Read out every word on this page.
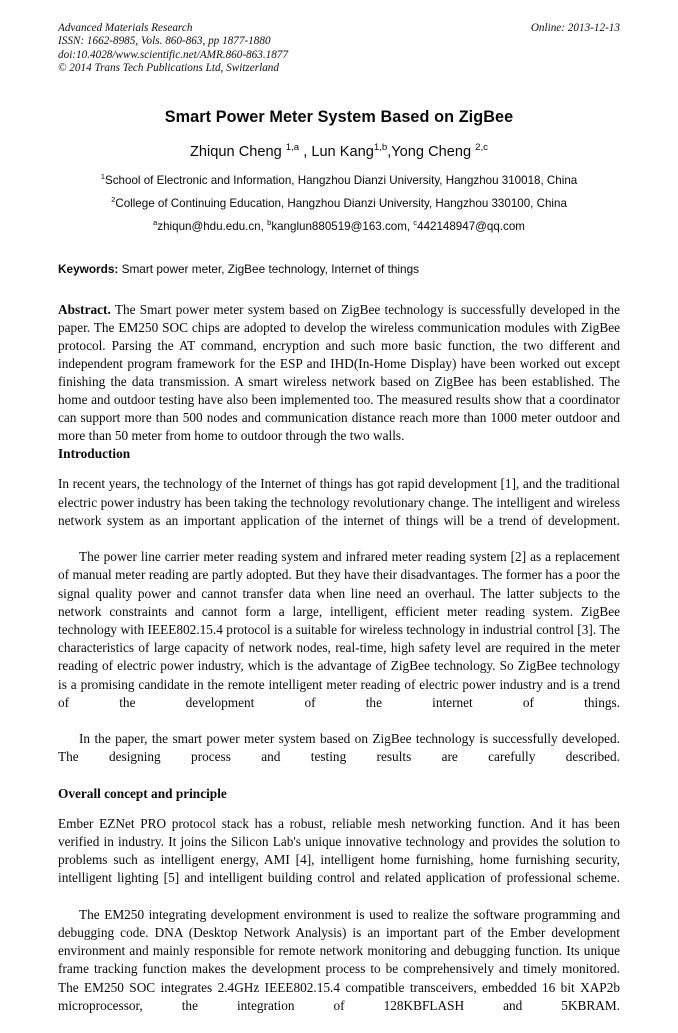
Online: 2013-12-13
Advanced Materials Research
ISSN: 1662-8985, Vols. 860-863, pp 1877-1880
doi:10.4028/www.scientific.net/AMR.860-863.1877
© 2014 Trans Tech Publications Ltd, Switzerland
Smart Power Meter System Based on ZigBee
Zhiqun Cheng $^{1,a}$ , Lun Kang$^{1,b}$,Yong Cheng $^{2,c}$
$^1$School of Electronic and Information, Hangzhou Dianzi University, Hangzhou 310018, China
$^2$College of Continuing Education, Hangzhou Dianzi University, Hangzhou 330100, China
$^a$zhiqun@hdu.edu.cn, $^b$kanglun880519@163.com, $^c$442148947@qq.com
Keywords: Smart power meter, ZigBee technology, Internet of things
Abstract. The Smart power meter system based on ZigBee technology is successfully developed in the paper. The EM250 SOC chips are adopted to develop the wireless communication modules with ZigBee protocol. Parsing the AT command, encryption and such more basic function, the two different and independent program framework for the ESP and IHD(In-Home Display) have been worked out except finishing the data transmission. A smart wireless network based on ZigBee has been established. The home and outdoor testing have also been implemented too. The measured results show that a coordinator can support more than 500 nodes and communication distance reach more than 1000 meter outdoor and more than 50 meter from home to outdoor through the two walls.
Introduction

In recent years, the technology of the Internet of things has got rapid development [1], and the traditional electric power industry has been taking the technology revolutionary change. The intelligent and wireless network system as an important application of the internet of things will be a trend of development.

The power line carrier meter reading system and infrared meter reading system [2] as a replacement of manual meter reading are partly adopted. But they have their disadvantages. The former has a poor the signal quality power and cannot transfer data when line need an overhaul. The latter subjects to the network constraints and cannot form a large, intelligent, efficient meter reading system. ZigBee technology with IEEE802.15.4 protocol is a suitable for wireless technology in industrial control [3]. The characteristics of large capacity of network nodes, real-time, high safety level are required in the meter reading of electric power industry, which is the advantage of ZigBee technology. So ZigBee technology is a promising candidate in the remote intelligent meter reading of electric power industry and is a trend of the development of the internet of things.

In the paper, the smart power meter system based on ZigBee technology is successfully developed. The designing process and testing results are carefully described.

Overall concept and principle

Ember EZNet PRO protocol stack has a robust, reliable mesh networking function. And it has been verified in industry. It joins the Silicon Lab's unique innovative technology and provides the solution to problems such as intelligent energy, AMI [4], intelligent home furnishing, home furnishing security, intelligent lighting [5] and intelligent building control and related application of professional scheme.

The EM250 integrating development environment is used to realize the software programming and debugging code. DNA (Desktop Network Analysis) is an important part of the Ember development environment and mainly responsible for remote network monitoring and debugging function. Its unique frame tracking function makes the development process to be comprehensively and timely monitored. The EM250 SOC integrates 2.4GHz IEEE802.15.4 compatible transceivers, embedded 16 bit XAP2b microprocessor, the integration of 128KBFLASH and 5KBRAM.
